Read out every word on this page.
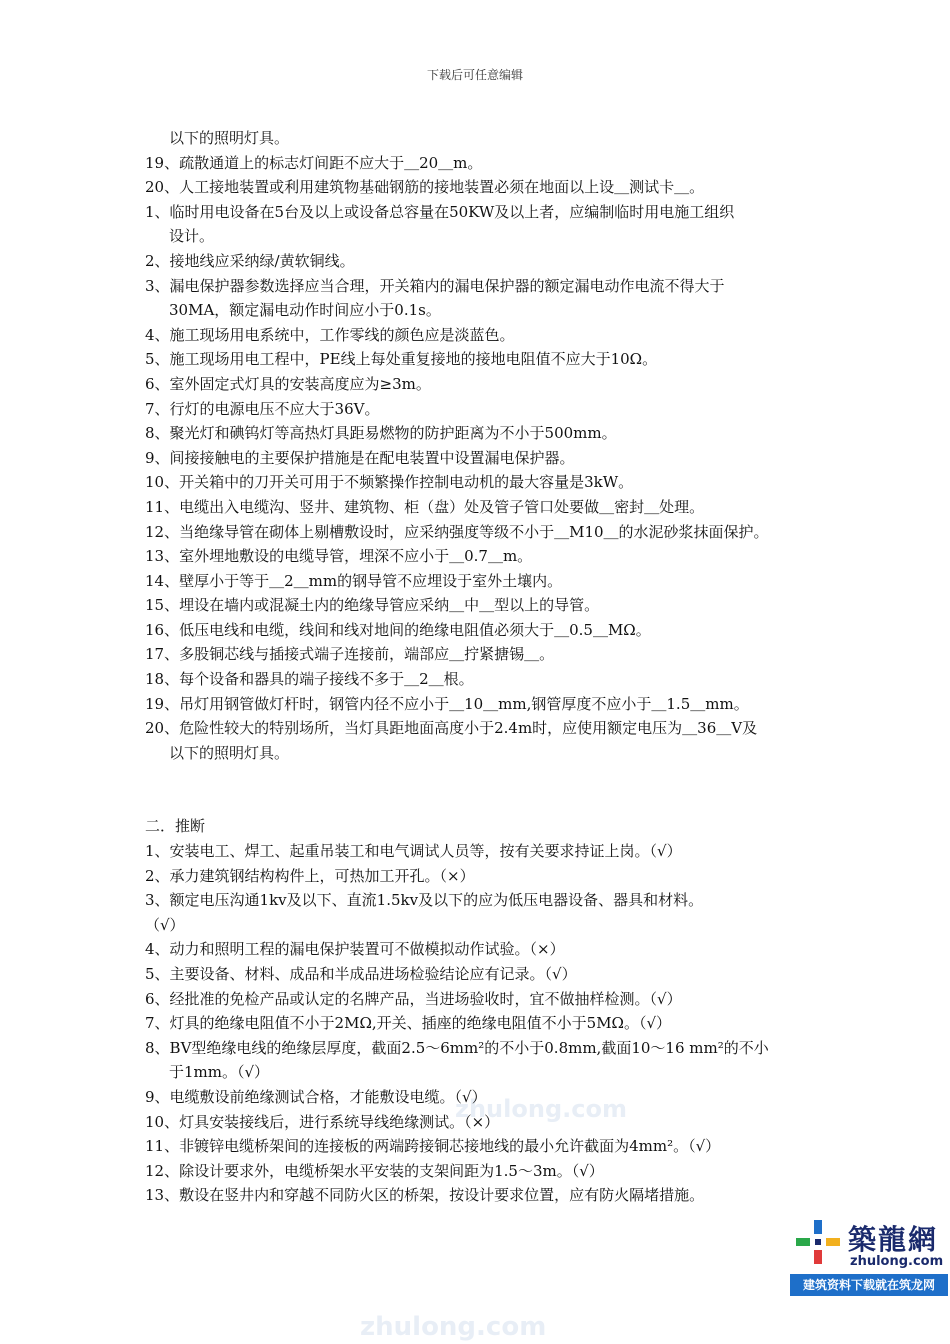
zhulong.com
zhulong.com
下载后可任意编辑
以下的照明灯具。
19、疏散通道上的标志灯间距不应大于＿20＿m。
20、人工接地装置或利用建筑物基础钢筋的接地装置必须在地面以上设＿测试卡＿。
1、临时用电设备在5台及以上或设备总容量在50KW及以上者，应编制临时用电施工组织
设计。
2、接地线应采纳绿/黄软铜线。
3、漏电保护器参数选择应当合理，开关箱内的漏电保护器的额定漏电动作电流不得大于
30MA，额定漏电动作时间应小于0.1s。
4、施工现场用电系统中，工作零线的颜色应是淡蓝色。
5、施工现场用电工程中，PE线上每处重复接地的接地电阻值不应大于10Ω。
6、室外固定式灯具的安装高度应为≥3m。
7、行灯的电源电压不应大于36V。
8、聚光灯和碘钨灯等高热灯具距易燃物的防护距离为不小于500mm。
9、间接接触电的主要保护措施是在配电装置中设置漏电保护器。
10、开关箱中的刀开关可用于不频繁操作控制电动机的最大容量是3kW。
11、电缆出入电缆沟、竖井、建筑物、柜（盘）处及管子管口处要做＿密封＿处理。
12、当绝缘导管在砌体上剔槽敷设时，应采纳强度等级不小于＿M10＿的水泥砂浆抹面保护。
13、室外埋地敷设的电缆导管，埋深不应小于＿0.7＿m。
14、壁厚小于等于＿2＿mm的钢导管不应埋设于室外土壤内。
15、埋设在墙内或混凝土内的绝缘导管应采纳＿中＿型以上的导管。
16、低压电线和电缆，线间和线对地间的绝缘电阻值必须大于＿0.5＿MΩ。
17、多股铜芯线与插接式端子连接前，端部应＿拧紧搪锡＿。
18、每个设备和器具的端子接线不多于＿2＿根。
19、吊灯用钢管做灯杆时，钢管内径不应小于＿10＿mm,钢管厚度不应小于＿1.5＿mm。
20、危险性较大的特别场所，当灯具距地面高度小于2.4m时，应使用额定电压为＿36＿V及
以下的照明灯具。
二．推断
1、安装电工、焊工、起重吊装工和电气调试人员等，按有关要求持证上岗。（√）
2、承力建筑钢结构构件上，可热加工开孔。（×）
3、额定电压沟通1kv及以下、直流1.5kv及以下的应为低压电器设备、器具和材料。
（√）
4、动力和照明工程的漏电保护装置可不做模拟动作试验。（×）
5、主要设备、材料、成品和半成品进场检验结论应有记录。（√）
6、经批准的免检产品或认定的名牌产品，当进场验收时，宜不做抽样检测。（√）
7、灯具的绝缘电阻值不小于2MΩ,开关、插座的绝缘电阻值不小于5MΩ。（√）
8、BV型绝缘电线的绝缘层厚度，截面2.5～6mm²的不小于0.8mm,截面10～16 mm²的不小
于1mm。（√）
9、电缆敷设前绝缘测试合格，才能敷设电缆。（√）
10、灯具安装接线后，进行系统导线绝缘测试。（×）
11、非镀锌电缆桥架间的连接板的两端跨接铜芯接地线的最小允许截面为4mm²。（√）
12、除设计要求外，电缆桥架水平安装的支架间距为1.5～3m。（√）
13、敷设在竖井内和穿越不同防火区的桥架，按设计要求位置，应有防火隔堵措施。
築龍網
zhulong.com
建筑资料下载就在筑龙网
